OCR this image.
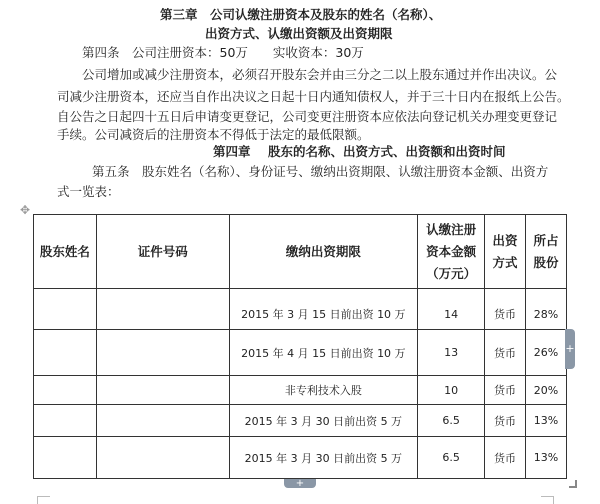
第三章　公司认缴注册资本及股东的姓名（名称）、
出资方式、认缴出资额及出资期限
第四条　公司注册资本：50万　　实收资本：30万
公司增加或减少注册资本，必须召开股东会并由三分之二以上股东通过并作出决议。公
司减少注册资本，还应当自作出决议之日起十日内通知债权人，并于三十日内在报纸上公告。
自公告之日起四十五日后申请变更登记，公司变更注册资本应依法向登记机关办理变更登记
手续。公司减资后的注册资本不得低于法定的最低限额。
第四章 股东的名称、出资方式、出资额和出资时间
第五条　股东姓名（名称）、身份证号、缴纳出资期限、认缴注册资本金额、出资方
式一览表：
✥
股东姓名	证件号码	缴纳出资期限	认缴注册资本金额（万元）	出资方式	所占股份
		2015 年 3 月 15 日前出资 10 万	14	货币	28%
		2015 年 4 月 15 日前出资 10 万	13	货币	26%
		非专利技术入股	10	货币	20%
		2015 年 3 月 30 日前出资 5 万	6.5	货币	13%
		2015 年 3 月 30 日前出资 5 万	6.5	货币	13%
+
+
